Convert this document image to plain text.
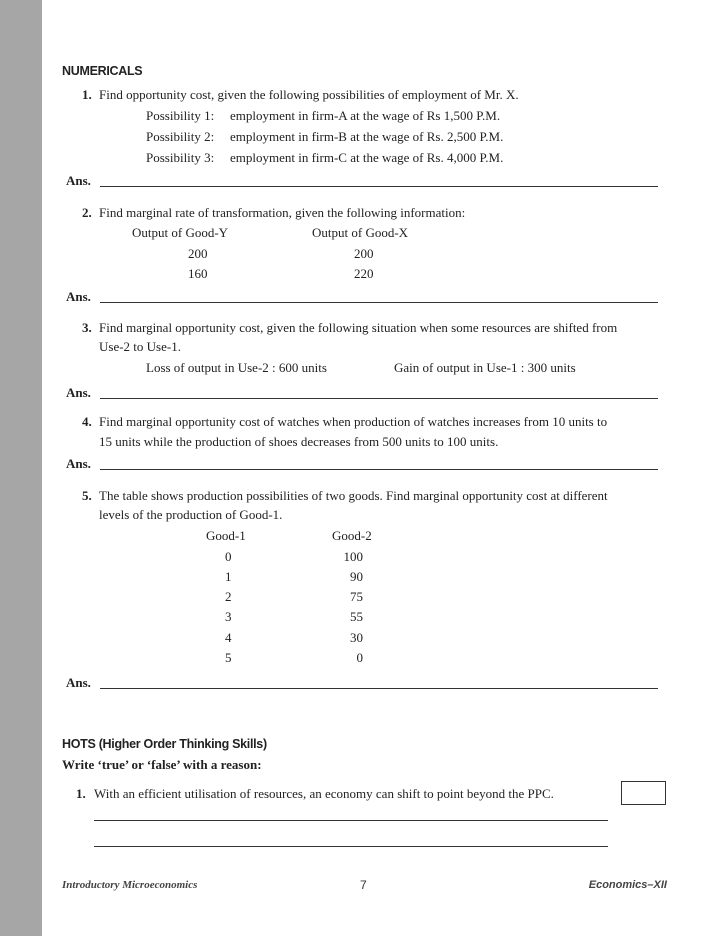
NUMERICALS
1. Find opportunity cost, given the following possibilities of employment of Mr. X.
Possibility 1: employment in firm-A at the wage of Rs 1,500 P.M.
Possibility 2: employment in firm-B at the wage of Rs. 2,500 P.M.
Possibility 3: employment in firm-C at the wage of Rs. 4,000 P.M.
Ans.
2. Find marginal rate of transformation, given the following information:
Output of Good-Y	Output of Good-X
200	200
160	220
Ans.
3. Find marginal opportunity cost, given the following situation when some resources are shifted from
Use-2 to Use-1.
Loss of output in Use-2 : 600 units	Gain of output in Use-1 : 300 units
Ans.
4. Find marginal opportunity cost of watches when production of watches increases from 10 units to
15 units while the production of shoes decreases from 500 units to 100 units.
Ans.
5. The table shows production possibilities of two goods. Find marginal opportunity cost at different
levels of the production of Good-1.
Good-1	Good-2
0	100
1	90
2	75
3	55
4	30
5	0
Ans.
HOTS (Higher Order Thinking Skills)
Write ‘true’ or ‘false’ with a reason:
1. With an efficient utilisation of resources, an economy can shift to point beyond the PPC.
Introductory Microeconomics	7	Economics–XII
